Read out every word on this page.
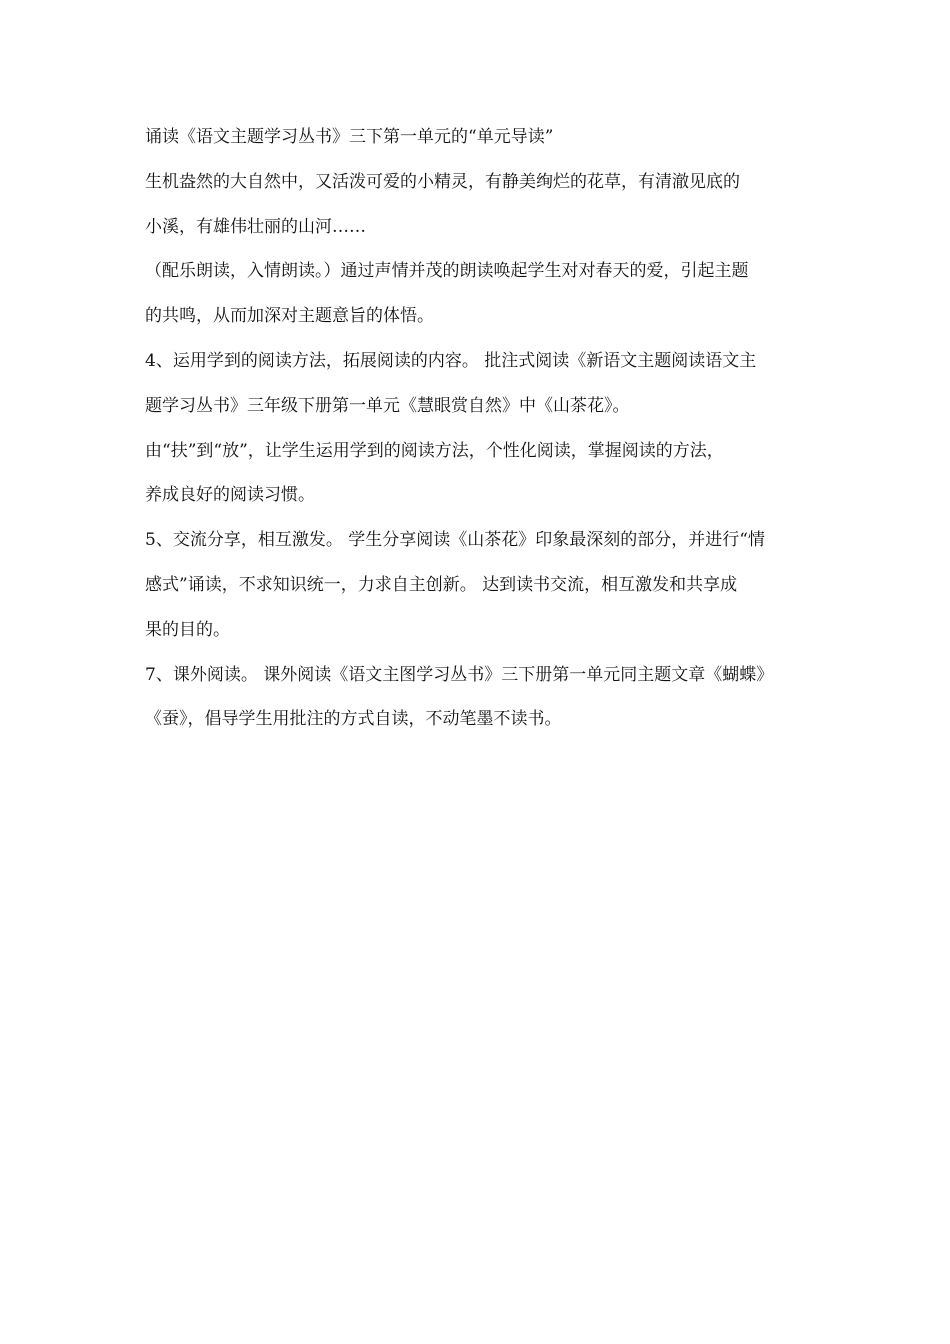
诵读《语文主题学习丛书》三下第一单元的“单元导读”
生机盎然的大自然中，又活泼可爱的小精灵，有静美绚烂的花草，有清澈见底的
小溪，有雄伟壮丽的山河……
（配乐朗读，入情朗读。）通过声情并茂的朗读唤起学生对对春天的爱，引起主题
的共鸣，从而加深对主题意旨的体悟。
4、运用学到的阅读方法，拓展阅读的内容。 批注式阅读《新语文主题阅读语文主
题学习丛书》三年级下册第一单元《慧眼赏自然》中《山茶花》。
由“扶”到“放”，让学生运用学到的阅读方法，个性化阅读，掌握阅读的方法，
养成良好的阅读习惯。
5、交流分享，相互激发。 学生分享阅读《山茶花》印象最深刻的部分，并进行“情
感式”诵读，不求知识统一，力求自主创新。 达到读书交流，相互激发和共享成
果的目的。
7、课外阅读。 课外阅读《语文主图学习丛书》三下册第一单元同主题文章《蝴蝶》
《蚕》，倡导学生用批注的方式自读，不动笔墨不读书。
